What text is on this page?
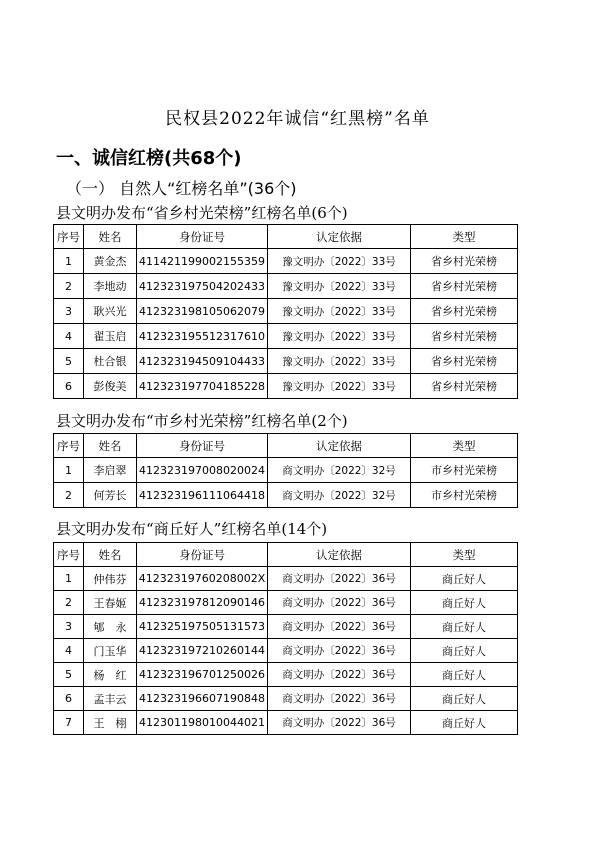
民权县2022年诚信“红黑榜”名单
一、诚信红榜(共68个)
（一） 自然人“红榜名单”(36个)
县文明办发布“省乡村光荣榜”红榜名单(6个)
序号	姓名	身份证号	认定依据	类型
1	黄金杰	41142119900215535​9	豫文明办〔2022〕33号	省乡村光荣榜
2	李地动	41232319750420243​3	豫文明办〔2022〕33号	省乡村光荣榜
3	耿兴光	41232319810506207​9	豫文明办〔2022〕33号	省乡村光荣榜
4	翟玉启	41232319551231761​0	豫文明办〔2022〕33号	省乡村光荣榜
5	杜合银	41232319450910443​3	豫文明办〔2022〕33号	省乡村光荣榜
6	彭俊美	41232319770418522​8	豫文明办〔2022〕33号	省乡村光荣榜
县文明办发布“市乡村光荣榜”红榜名单(2个)
序号	姓名	身份证号	认定依据	类型
1	李启翠	412323197008020024	商文明办〔2022〕32号	市乡村光荣榜
2	何芳长	412323196111064418	商文明办〔2022〕32号	市乡村光荣榜
县文明办发布“商丘好人”红榜名单(14个)
序号	姓名	身份证号	认定依据	类型
1	仲伟芬	41232319760208002X	商文明办〔2022〕36号	商丘好人
2	王春姬	412323197812090146	商文明办〔2022〕36号	商丘好人
3	郇　永	412325197505131573	商文明办〔2022〕36号	商丘好人
4	门玉华	412323197210260144	商文明办〔2022〕36号	商丘好人
5	杨　红	412323196701250026	商文明办〔2022〕36号	商丘好人
6	孟丰云	412323196607190848	商文明办〔2022〕36号	商丘好人
7	王　栩	412301198010044021	商文明办〔2022〕36号	商丘好人
